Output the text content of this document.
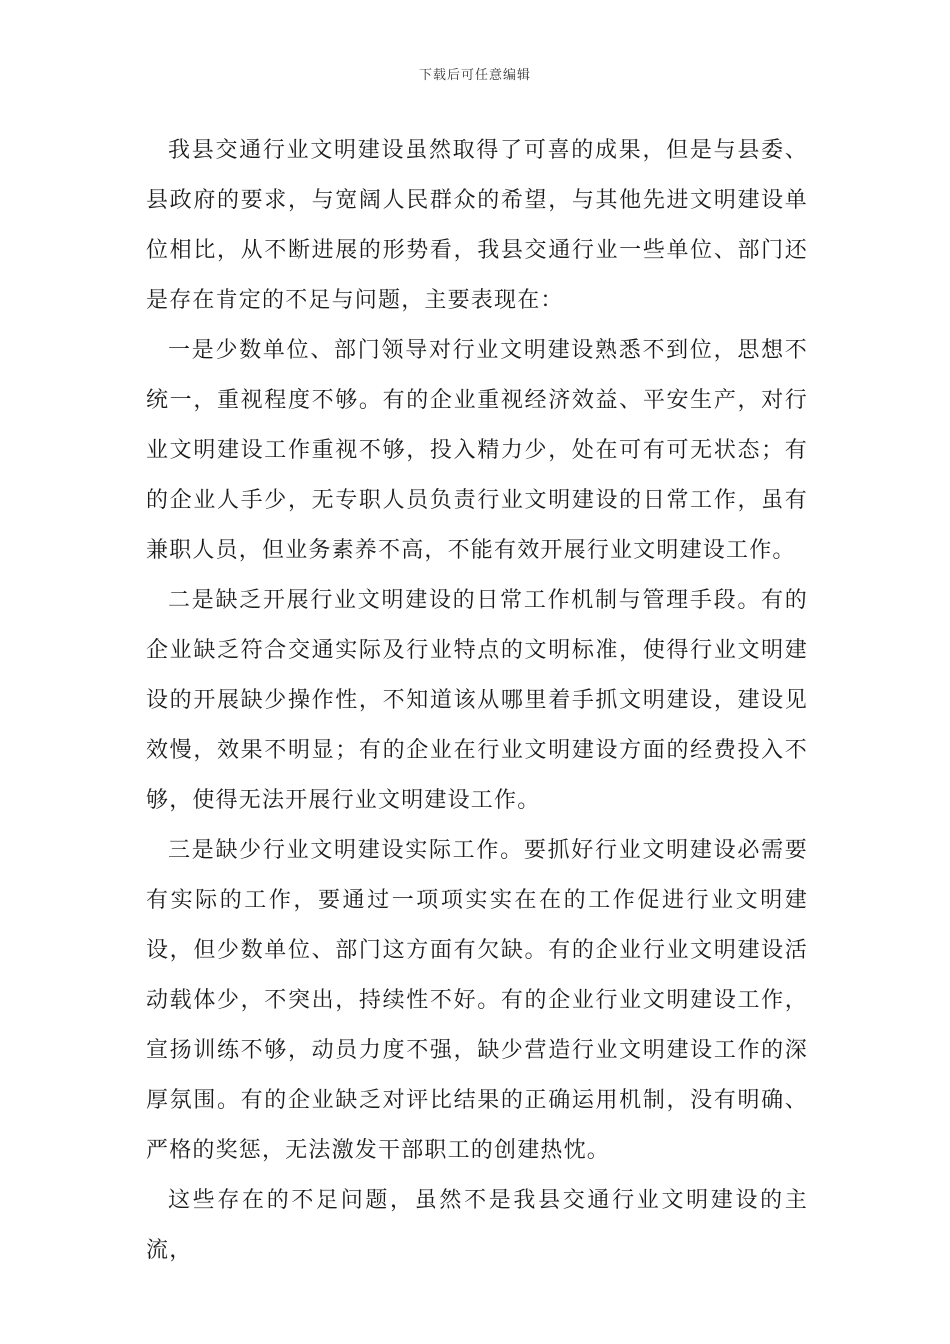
下载后可任意编辑

我县交通行业文明建设虽然取得了可喜的成果，但是与县委、县政府的要求，与宽阔人民群众的希望，与其他先进文明建设单位相比，从不断进展的形势看，我县交通行业一些单位、部门还是存在肯定的不足与问题，主要表现在：

一是少数单位、部门领导对行业文明建设熟悉不到位，思想不统一，重视程度不够。有的企业重视经济效益、平安生产，对行业文明建设工作重视不够，投入精力少，处在可有可无状态；有的企业人手少，无专职人员负责行业文明建设的日常工作，虽有兼职人员，但业务素养不高，不能有效开展行业文明建设工作。

二是缺乏开展行业文明建设的日常工作机制与管理手段。有的企业缺乏符合交通实际及行业特点的文明标准，使得行业文明建设的开展缺少操作性，不知道该从哪里着手抓文明建设，建设见效慢，效果不明显；有的企业在行业文明建设方面的经费投入不够，使得无法开展行业文明建设工作。

三是缺少行业文明建设实际工作。要抓好行业文明建设必需要有实际的工作，要通过一项项实实在在的工作促进行业文明建设，但少数单位、部门这方面有欠缺。有的企业行业文明建设活动载体少，不突出，持续性不好。有的企业行业文明建设工作，宣扬训练不够，动员力度不强，缺少营造行业文明建设工作的深厚氛围。有的企业缺乏对评比结果的正确运用机制，没有明确、严格的奖惩，无法激发干部职工的创建热忱。

这些存在的不足问题，虽然不是我县交通行业文明建设的主流，
